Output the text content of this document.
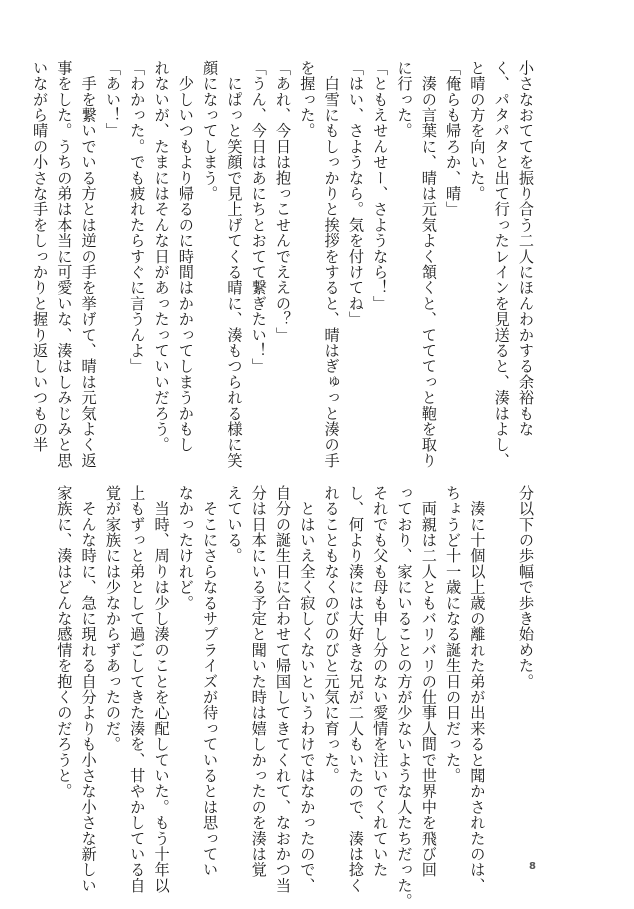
小さなおててを振り合う二人にほんわかする余裕もな

く、パタパタと出て行ったレインを見送ると、湊はよし、

と晴の方を向いた。

「俺らも帰ろか、晴」

　湊の言葉に、晴は元気よく頷くと、てててっと鞄を取り

に行った。

「ともえせんせー、さようなら！」

「はい、さようなら。気を付けてね」

　白雪にもしっかりと挨拶をすると、晴はぎゅっと湊の手

を握った。

「あれ、今日は抱っこせんでええの？」

「うん、今日はあにちとおてて繋ぎたい！」

　にぱっと笑顔で見上げてくる晴に、湊もつられる様に笑

顔になってしまう。

　少しいつもより帰るのに時間はかかってしまうかもし

れないが、たまにはそんな日があったっていいだろう。

「わかった。でも疲れたらすぐに言うんよ」

「あい！」

　手を繋いでいる方とは逆の手を挙げて、晴は元気よく返

事をした。うちの弟は本当に可愛いな、湊はしみじみと思

いながら晴の小さな手をしっかりと握り返しいつもの半

分以下の歩幅で歩き始めた。

　湊に十個以上歳の離れた弟が出来ると聞かされたのは、

ちょうど十一歳になる誕生日の日だった。

　両親は二人ともバリバリの仕事人間で世界中を飛び回

っており、家にいることの方が少ないような人たちだった。

それでも父も母も申し分のない愛情を注いでくれていた

し、何より湊には大好きな兄が二人もいたので、湊は捻く

れることもなくのびのびと元気に育った。

　とはいえ全く寂しくないというわけではなかったので、

自分の誕生日に合わせて帰国してきてくれて、なおかつ当

分は日本にいる予定と聞いた時は嬉しかったのを湊は覚

えている。

　そこにさらなるサプライズが待っているとは思ってい

なかったけれど。

　当時、周りは少し湊のことを心配していた。もう十年以

上もずっと弟として過ごしてきた湊を、甘やかしている自

覚が家族には少なからずあったのだ。

　そんな時に、急に現れる自分よりも小さな小さな新しい

家族に、湊はどんな感情を抱くのだろうと。

8
